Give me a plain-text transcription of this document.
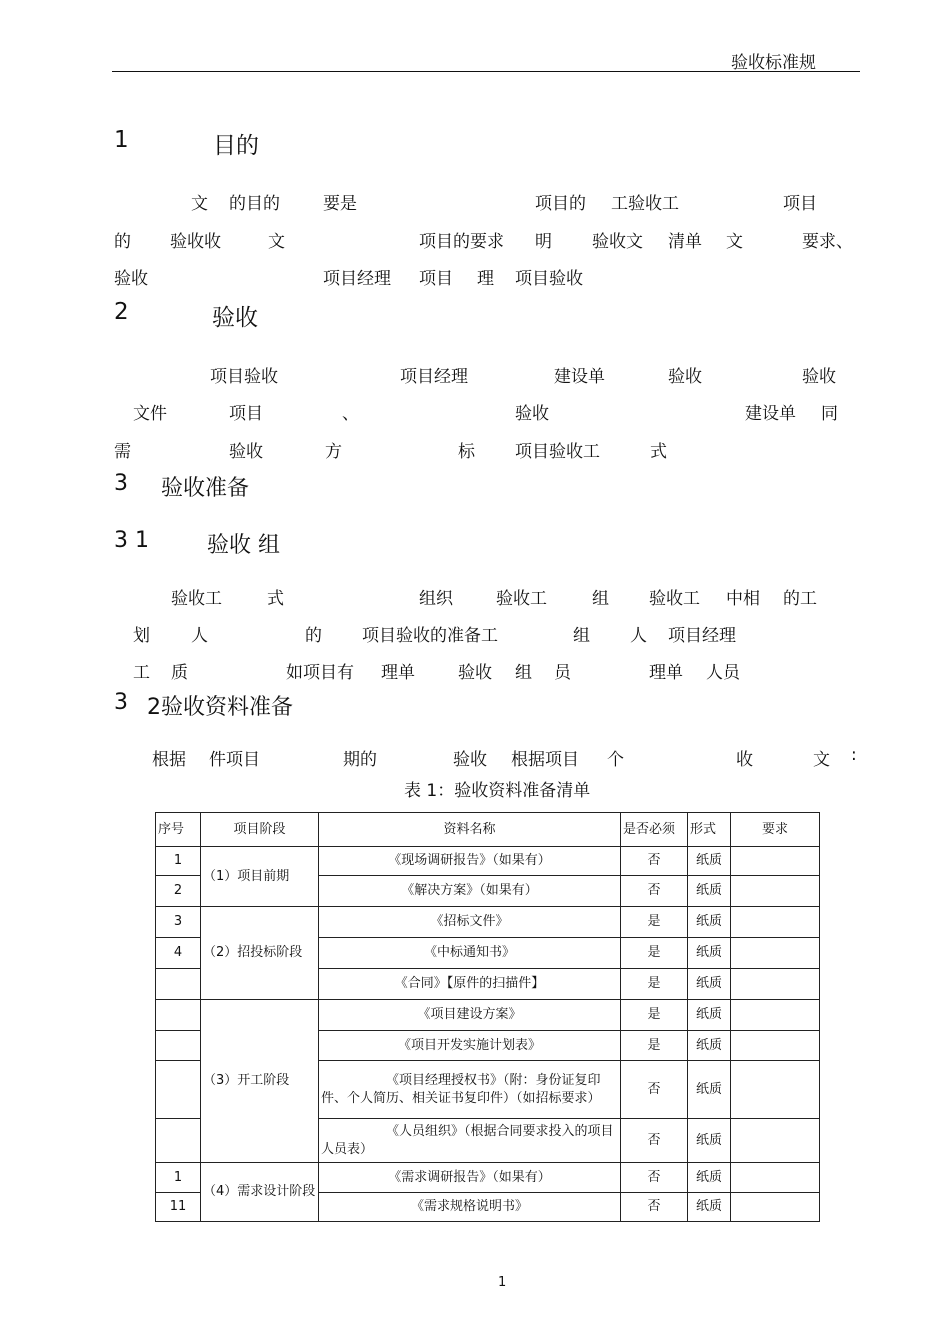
验收标准规
1	目的
文 的目的	要是	项目的 工验收工	项目
的 验收收	文	项目的要求 明 验收文 清单 文	要求、
验收	项目经理 项目 理 项目验收
2	验收
项目验收	项目经理	建设单	验收	验收
文件	项目	、	验收	建设单 同
需	验收	方	标 项目验收工	式
3 验收准备
3 1	验收 组
验收工	式	组织	验收工	组 验收工 中相 的工
划 人	的 项目验收的准备工	组 人 项目经理
工 质	如项目有 理单	验收 组 员	理单 人员
3 2验收资料准备
根据 件项目	期的	验收 根据项目 个	收	文 :
表 1：验收资料准备清单
序号	项目阶段	资料名称	是否必须	形式	要求
1	（1）项目前期	《现场调研报告》（如果有）	否	纸质	
2		《解决方案》（如果有）	否	纸质	
3	（2）招投标阶段	《招标文件》	是	纸质	
4		《中标通知书》	是	纸质	
		《合同》【原件的扫描件】	是	纸质	
	（3）开工阶段	《项目建设方案》	是	纸质	
		《项目开发实施计划表》	是	纸质	
		《项目经理授权书》（附：身份证复印件、个人简历、相关证书复印件）（如招标要求）	否	纸质	
		《人员组织》（根据合同要求投入的项目人员表）	否	纸质	
1	（4）需求设计阶段	《需求调研报告》（如果有）	否	纸质	
11		《需求规格说明书》	否	纸质	
1
